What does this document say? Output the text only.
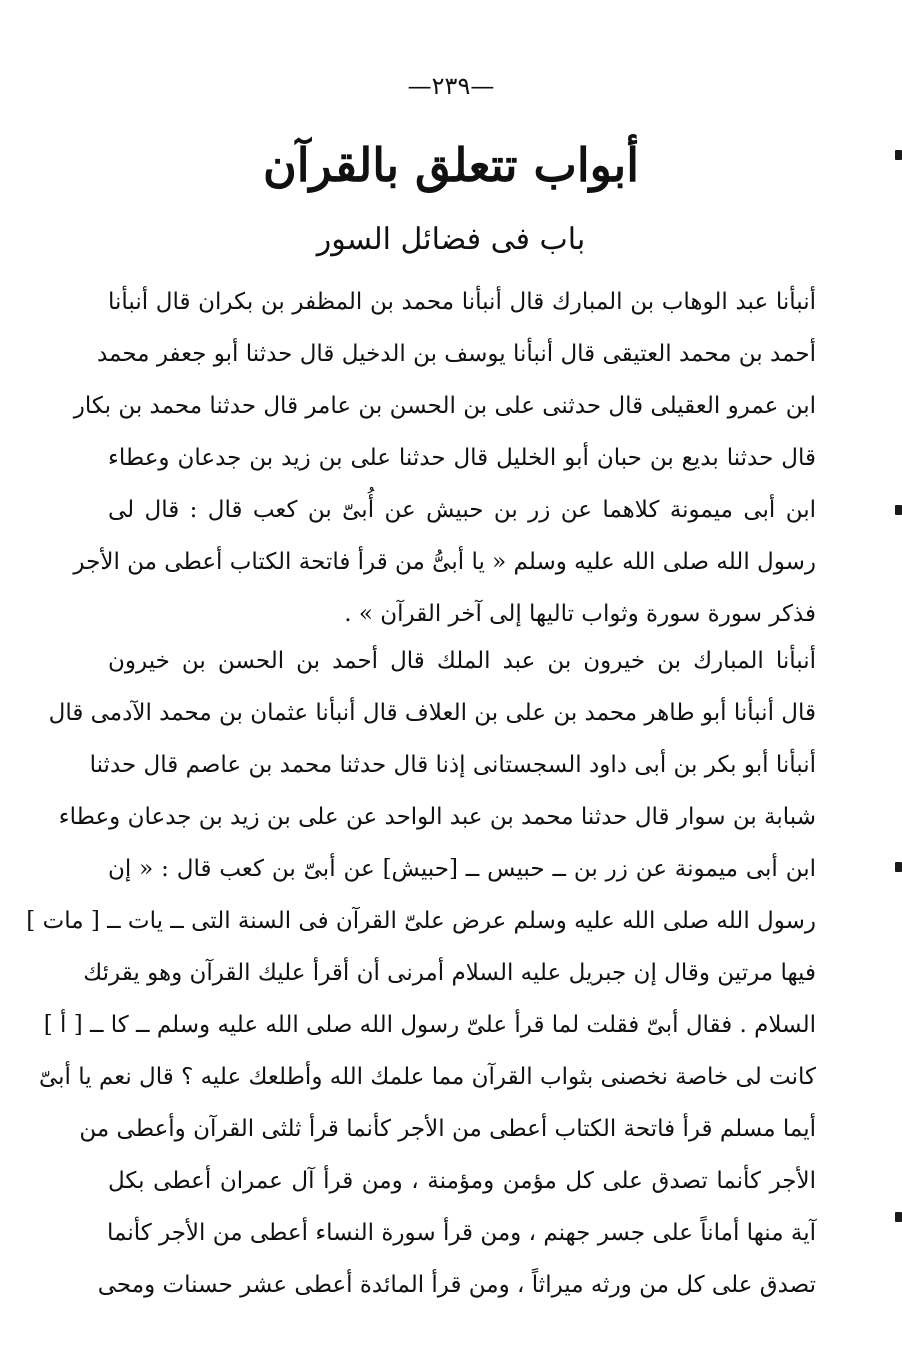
—٢٣٩—
أبواب تتعلق بالقرآن
باب فى فضائل السور
أنبأنا عبد الوهاب بن المبارك قال أنبأنا محمد بن المظفر بن بكران قال أنبأنا
أحمد بن محمد العتيقى قال أنبأنا يوسف بن الدخيل قال حدثنا أبو جعفر محمد
ابن عمرو العقيلى قال حدثنى على بن الحسن بن عامر قال حدثنا محمد بن بكار
قال حدثنا بديع بن حبان أبو الخليل قال حدثنا على بن زيد بن جدعان وعطاء
ابن أبى ميمونة كلاهما عن زر بن حبيش عن أُبىّ بن كعب قال : قال لى
رسول الله صلى الله عليه وسلم « يا أبىُّ من قرأ فاتحة الكتاب أعطى من الأجر
فذكر سورة سورة وثواب تاليها إلى آخر القرآن » .
أنبأنا المبارك بن خيرون بن عبد الملك قال أحمد بن الحسن بن خيرون
قال أنبأنا أبو طاهر محمد بن على بن العلاف قال أنبأنا عثمان بن محمد الآدمى قال
أنبأنا أبو بكر بن أبى داود السجستانى إذنا قال حدثنا محمد بن عاصم قال حدثنا
شبابة بن سوار قال حدثنا محمد بن عبد الواحد عن على بن زيد بن جدعان وعطاء
ابن أبى ميمونة عن زر بن ــ حبيس ــ [حبيش] عن أبىّ بن كعب قال : « إن
رسول الله صلى الله عليه وسلم عرض علىّ القرآن فى السنة التى ــ يات ــ [ مات ]
فيها مرتين وقال إن جبريل عليه السلام أمرنى أن أقرأ عليك القرآن وهو يقرئك
السلام . فقال أبىّ فقلت لما قرأ علىّ رسول الله صلى الله عليه وسلم ــ كا ــ [ أ ]
كانت لى خاصة نخصنى بثواب القرآن مما علمك الله وأطلعك عليه ؟ قال نعم يا أبىّ
أيما مسلم قرأ فاتحة الكتاب أعطى من الأجر كأنما قرأ ثلثى القرآن وأعطى من
الأجر كأنما تصدق على كل مؤمن ومؤمنة ، ومن قرأ آل عمران أعطى بكل
آية منها أماناً على جسر جهنم ، ومن قرأ سورة النساء أعطى من الأجر كأنما
تصدق على كل من ورثه ميراثاً ، ومن قرأ المائدة أعطى عشر حسنات ومحى
